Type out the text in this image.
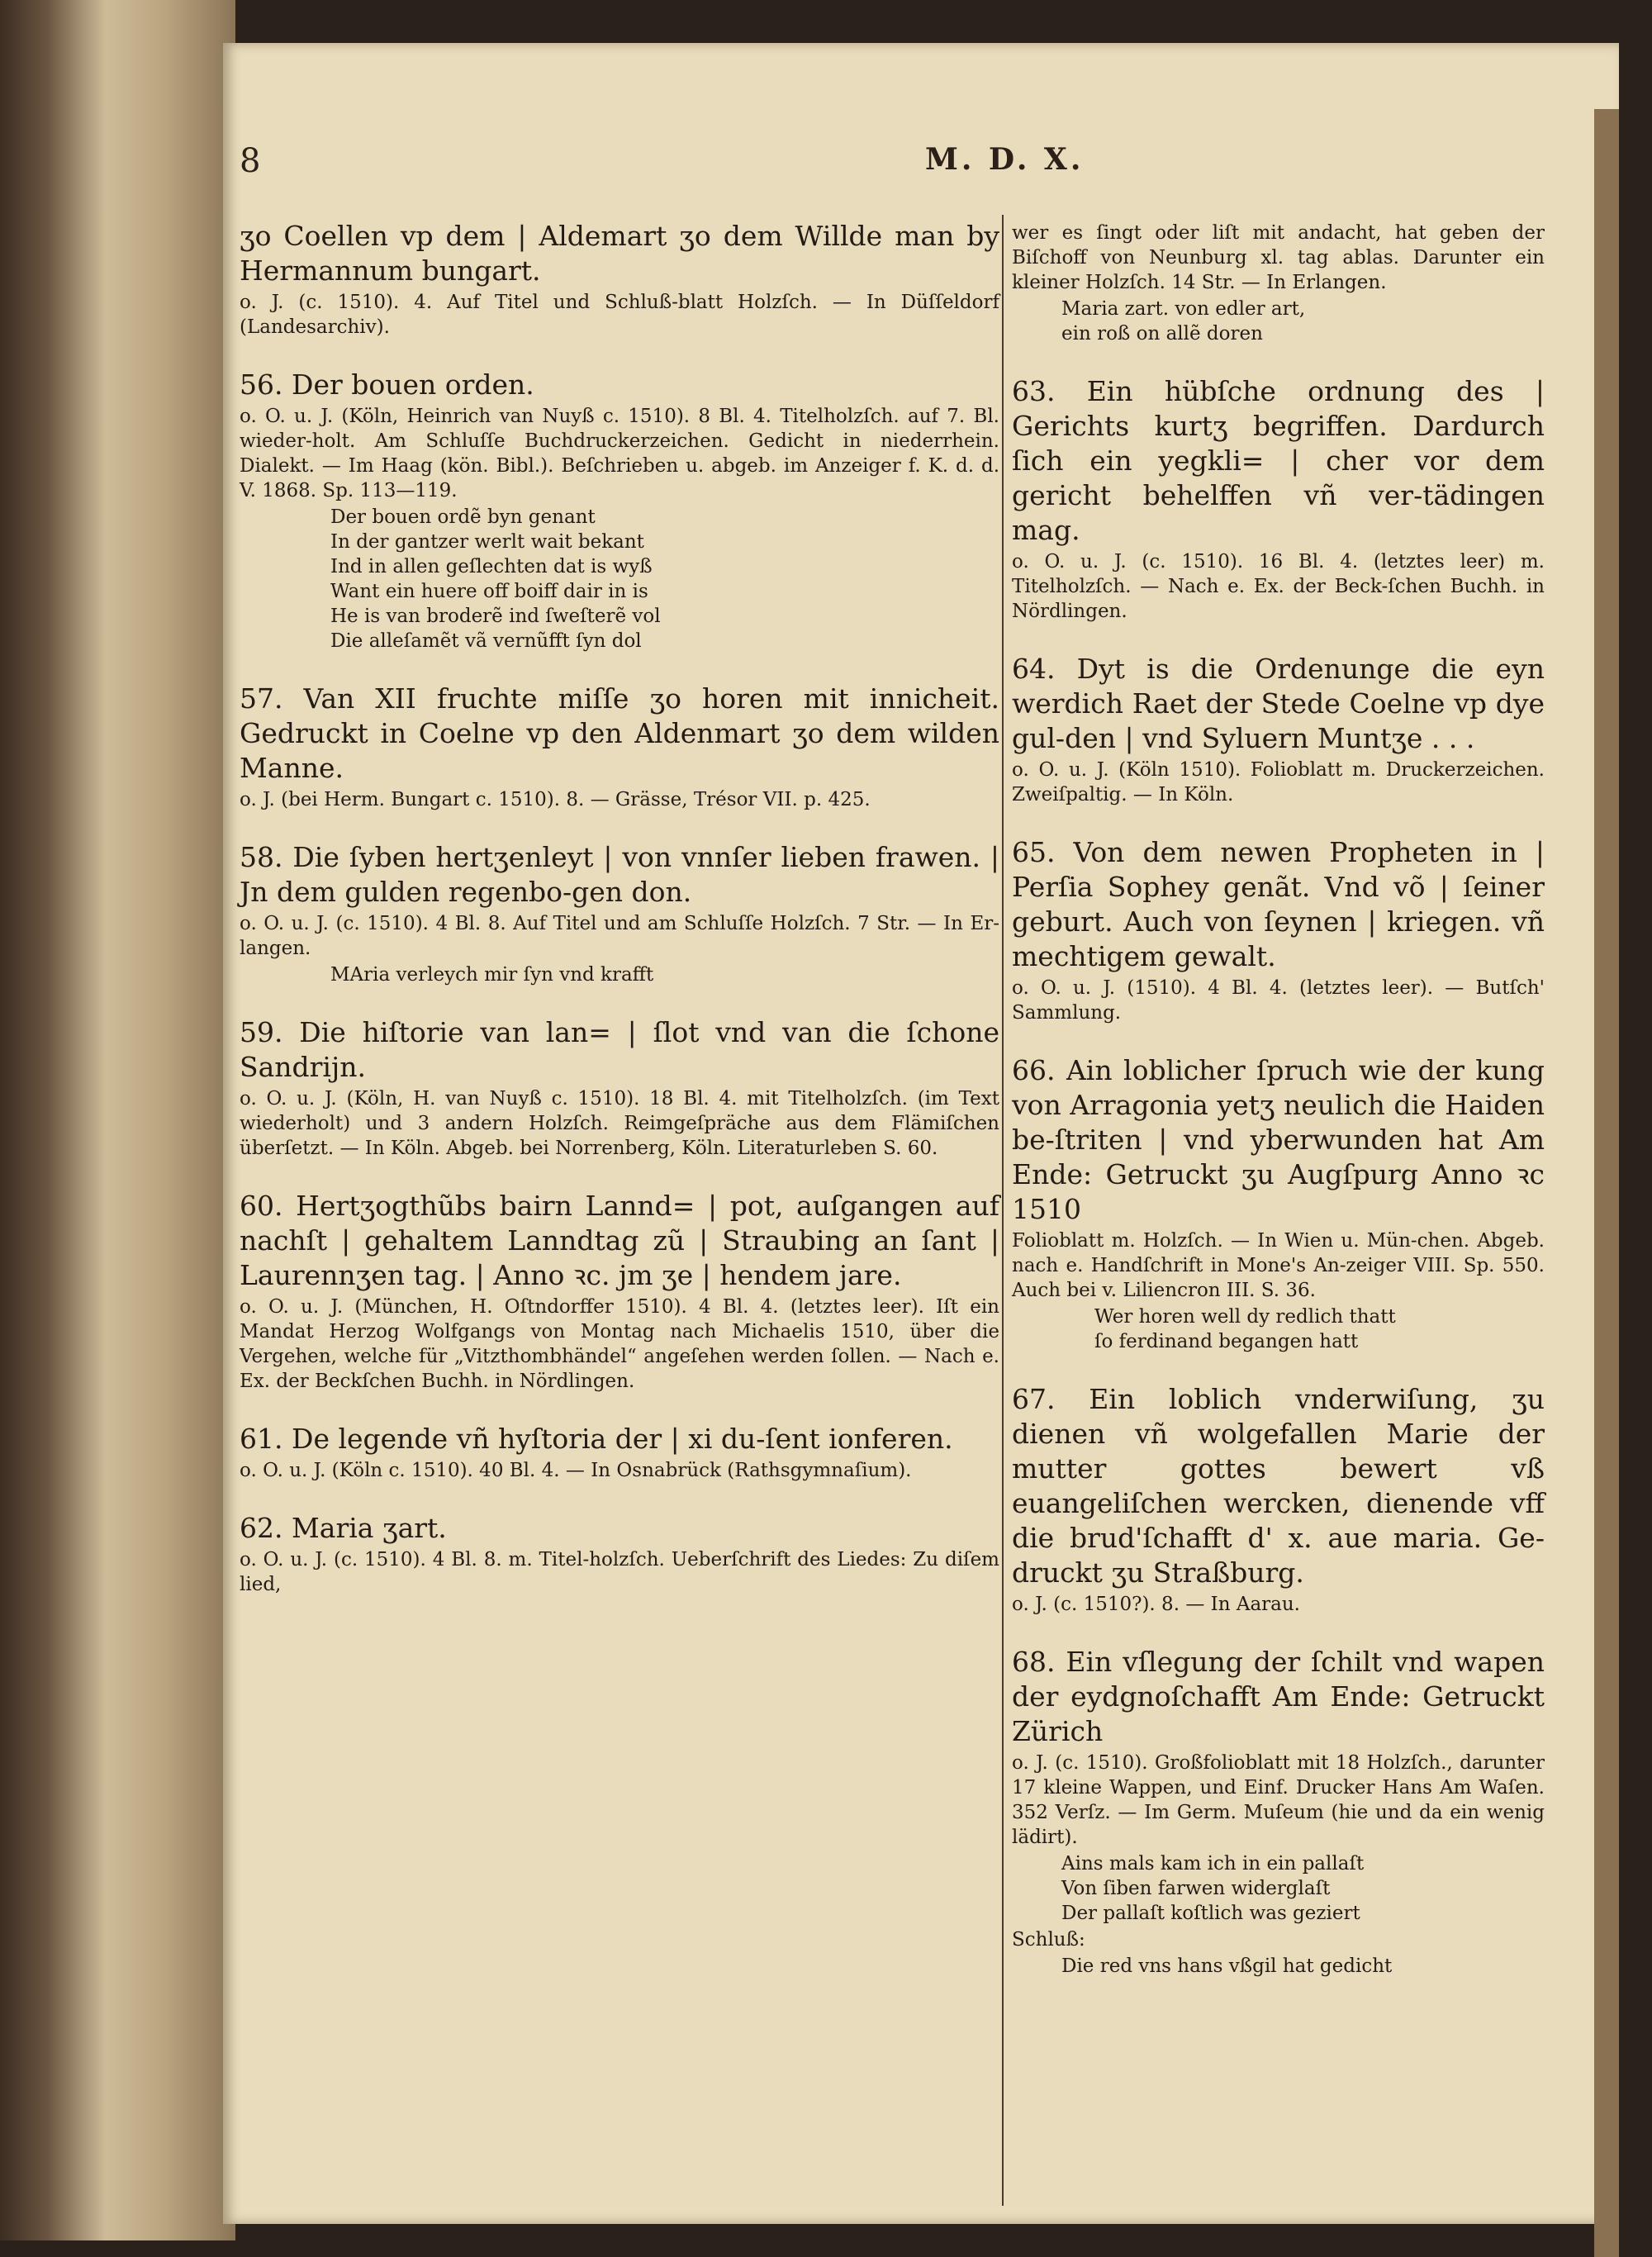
8	M. D. X.

ʒo Coellen vp dem | Aldemart ʒo dem Willde man by Hermannum bungart.

o. J. (c. 1510). 4. Auf Titel und Schluß-blatt Holzſch. — In Düſſeldorf (Landesarchiv).

56. Der bouen orden.

o. O. u. J. (Köln, Heinrich van Nuyß c. 1510). 8 Bl. 4. Titelholzſch. auf 7. Bl. wieder-holt. Am Schluſſe Buchdruckerzeichen. Gedicht in niederrhein. Dialekt. — Im Haag (kön. Bibl.). Beſchrieben u. abgeb. im Anzeiger f. K. d. d. V. 1868. Sp. 113—119.

Der bouen ordẽ byn genant
In der gantzer werlt wait bekant
Ind in allen geſlechten dat is wyß
Want ein huere off boiff dair in is
He is van broderẽ ind ſweſterẽ vol
Die alleſamẽt vã vernũfft ſyn dol

57. Van XII fruchte miſſe ʒo horen mit innicheit. Gedruckt in Coelne vp den Aldenmart ʒo dem wilden Manne.

o. J. (bei Herm. Bungart c. 1510). 8. — Grässe, Trésor VII. p. 425.

58. Die ſyben hertʒenleyt | von vnnſer lieben frawen. | Jn dem gulden regenbo-gen don.

o. O. u. J. (c. 1510). 4 Bl. 8. Auf Titel und am Schluſſe Holzſch. 7 Str. — In Er-langen.

MAria verleych mir ſyn vnd krafft

59. Die hiſtorie van lan= | ſlot vnd van die ſchone Sandrijn.

o. O. u. J. (Köln, H. van Nuyß c. 1510). 18 Bl. 4. mit Titelholzſch. (im Text wiederholt) und 3 andern Holzſch. Reimgeſpräche aus dem Flämiſchen überſetzt. — In Köln. Abgeb. bei Norrenberg, Köln. Literaturleben S. 60.

60. Hertʒogthũbs bairn Lannd= | pot, auſgangen auf nachſt | gehaltem Lanndtag zũ | Straubing an ſant | Laurennʒen tag. | Anno ꝛc. jm ʒe | hendem jare.

o. O. u. J. (München, H. Oſtndorffer 1510). 4 Bl. 4. (letztes leer). Iſt ein Mandat Herzog Wolfgangs von Montag nach Michaelis 1510, über die Vergehen, welche für „Vitzthombhändel“ angeſehen werden ſollen. — Nach e. Ex. der Beckſchen Buchh. in Nördlingen.

61. De legende vñ hyſtoria der | xi du-ſent ionferen.

o. O. u. J. (Köln c. 1510). 40 Bl. 4. — In Osnabrück (Rathsgymnaſium).

62. Maria ʒart.

o. O. u. J. (c. 1510). 4 Bl. 8. m. Titel-holzſch. Ueberſchrift des Liedes: Zu diſem lied,

wer es ſingt oder liſt mit andacht, hat geben der Biſchoff von Neunburg xl. tag ablas. Darunter ein kleiner Holzſch. 14 Str. — In Erlangen.

Maria zart. von edler art,
ein roß on allẽ doren

63. Ein hübſche ordnung des | Gerichts kurtʒ begriffen. Dardurch ſich ein yegkli= | cher vor dem gericht behelffen vñ ver-tädingen mag.

o. O. u. J. (c. 1510). 16 Bl. 4. (letztes leer) m. Titelholzſch. — Nach e. Ex. der Beck-ſchen Buchh. in Nördlingen.

64. Dyt is die Ordenunge die eyn werdich Raet der Stede Coelne vp dye gul-den | vnd Syluern Muntʒe . . .

o. O. u. J. (Köln 1510). Folioblatt m. Druckerzeichen. Zweiſpaltig. — In Köln.

65. Von dem newen Propheten in | Perſia Sophey genãt. Vnd võ | ſeiner geburt. Auch von ſeynen | kriegen. vñ mechtigem gewalt.

o. O. u. J. (1510). 4 Bl. 4. (letztes leer). — Butſch' Sammlung.

66. Ain loblicher ſpruch wie der kung von Arragonia yetʒ neulich die Haiden be-ſtriten | vnd yberwunden hat Am Ende: Getruckt ʒu Augſpurg Anno ꝛc 1510

Folioblatt m. Holzſch. — In Wien u. Mün-chen. Abgeb. nach e. Handſchrift in Mone's An-zeiger VIII. Sp. 550. Auch bei v. Liliencron III. S. 36.

Wer horen well dy redlich thatt
ſo ferdinand begangen hatt

67. Ein loblich vnderwiſung, ʒu dienen vñ wolgefallen Marie der mutter gottes bewert vß euangeliſchen wercken, dienende vff die brud'ſchafft d' x. aue maria. Ge-druckt ʒu Straßburg.

o. J. (c. 1510?). 8. — In Aarau.

68. Ein vſlegung der ſchilt vnd wapen der eydgnoſchafft Am Ende: Getruckt Zürich

o. J. (c. 1510). Großfolioblatt mit 18 Holzſch., darunter 17 kleine Wappen, und Einf. Drucker Hans Am Waſen. 352 Verſz. — Im Germ. Muſeum (hie und da ein wenig lädirt).

Ains mals kam ich in ein pallaſt
Von ſiben farwen widerglaſt
Der pallaſt koſtlich was geziert

Schluß:

Die red vns hans vßgil hat gedicht
